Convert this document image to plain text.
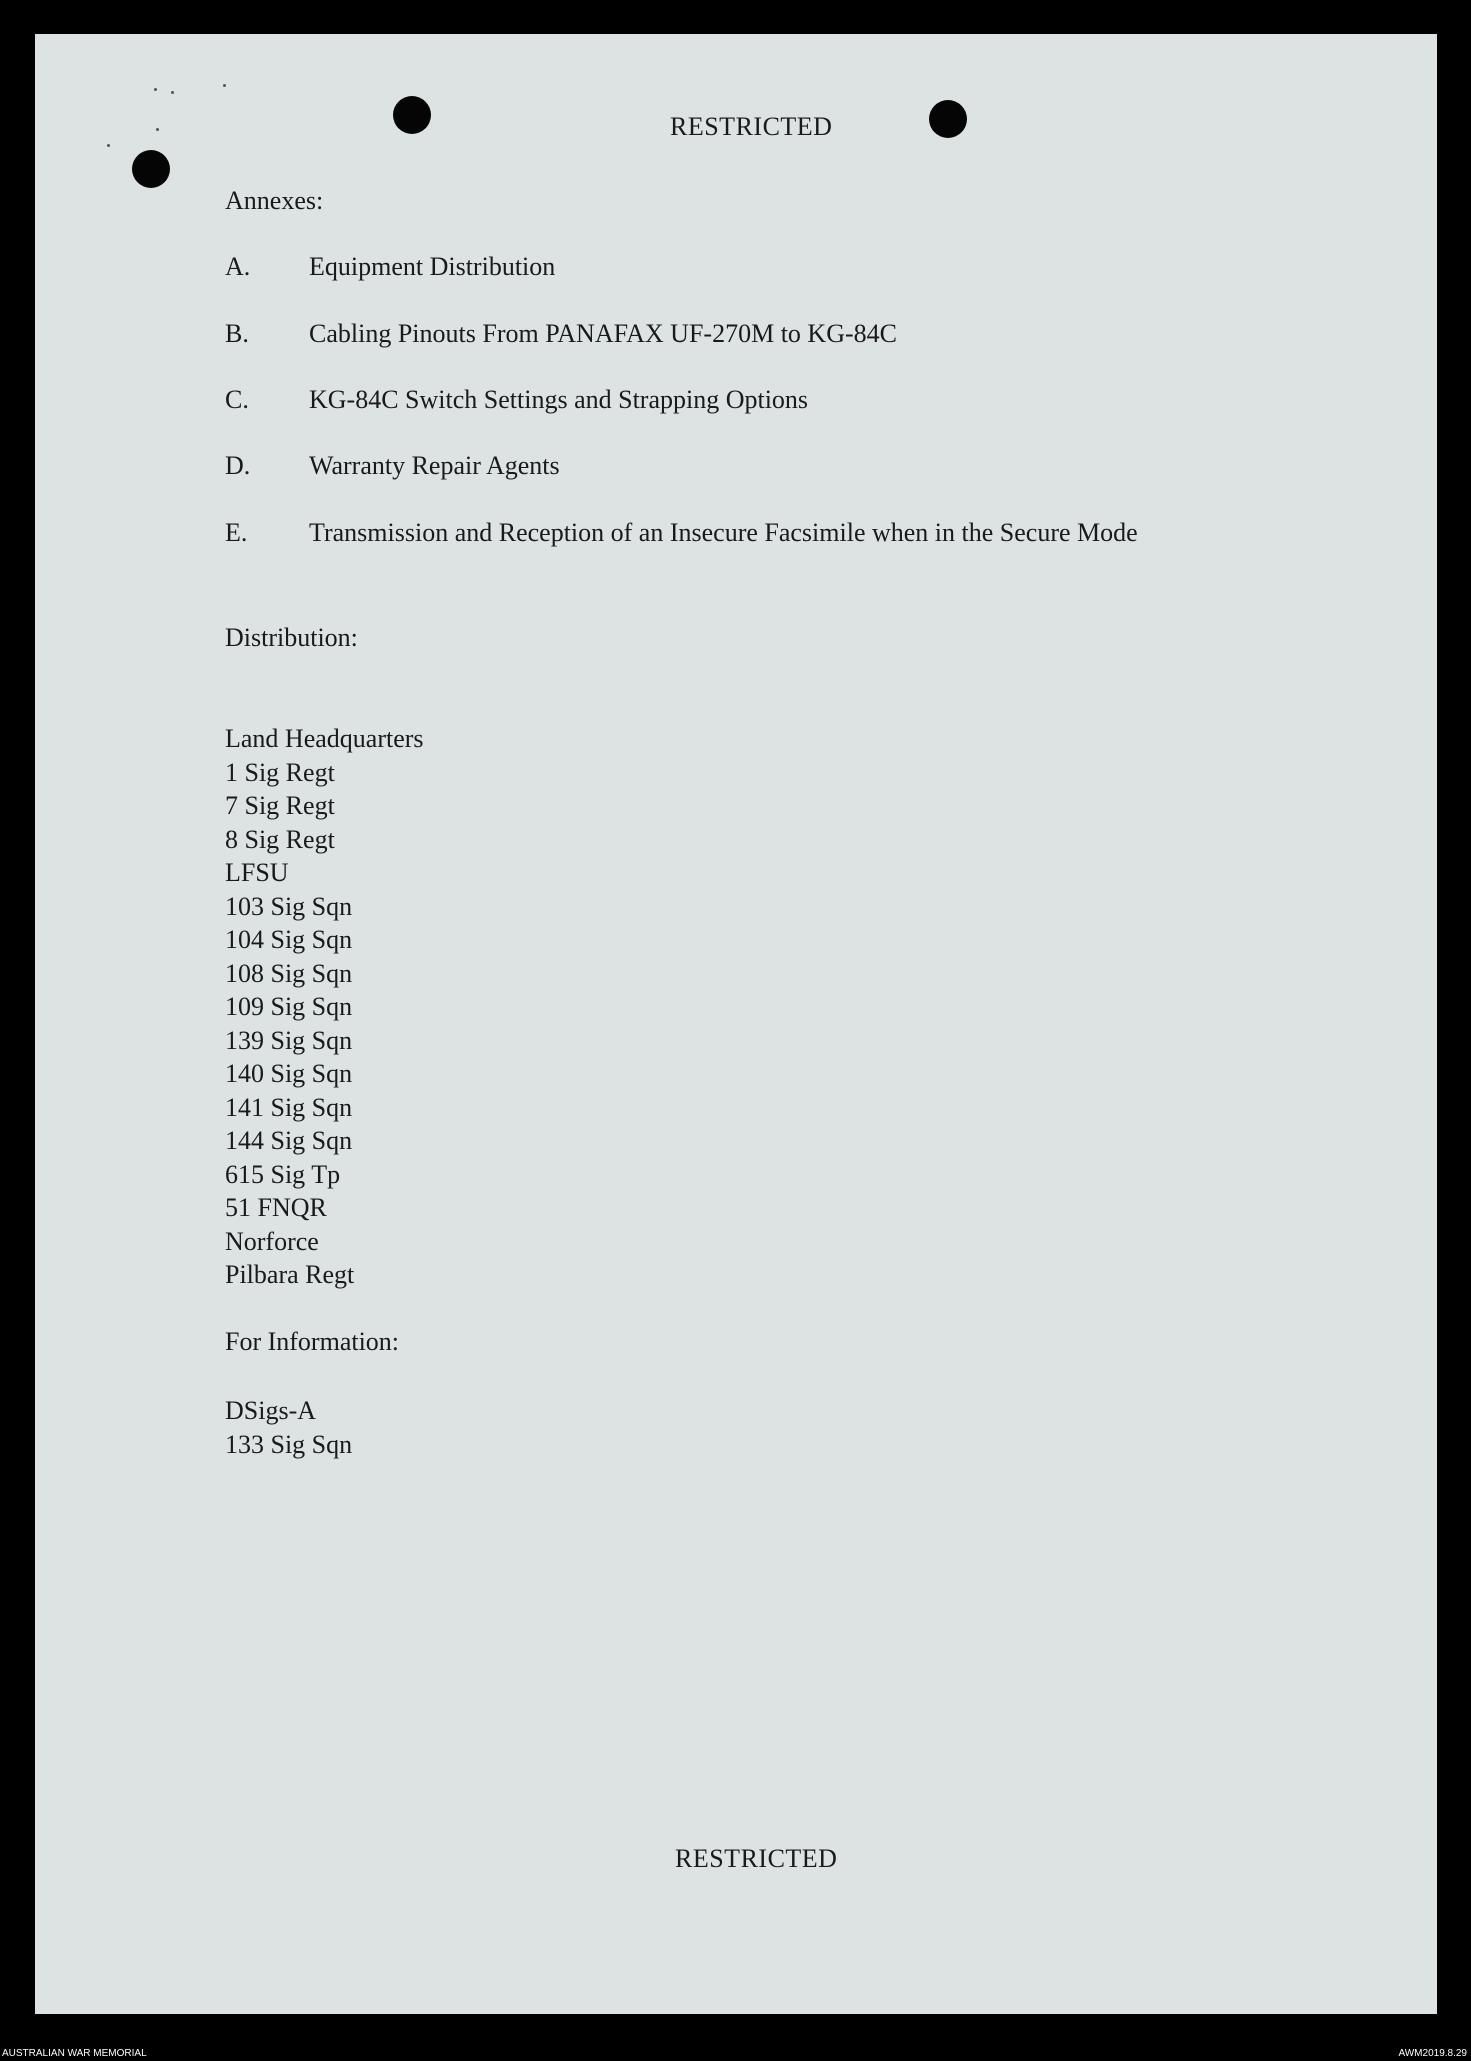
RESTRICTED
Annexes:
A. Equipment Distribution
B. Cabling Pinouts From PANAFAX UF-270M to KG-84C
C. KG-84C Switch Settings and Strapping Options
D. Warranty Repair Agents
E. Transmission and Reception of an Insecure Facsimile when in the Secure Mode
Distribution:
Land Headquarters
1 Sig Regt
7 Sig Regt
8 Sig Regt
LFSU
103 Sig Sqn
104 Sig Sqn
108 Sig Sqn
109 Sig Sqn
139 Sig Sqn
140 Sig Sqn
141 Sig Sqn
144 Sig Sqn
615 Sig Tp
51 FNQR
Norforce
Pilbara Regt
For Information:
DSigs-A
133 Sig Sqn
RESTRICTED
AUSTRALIAN WAR MEMORIAL	AWM2019.8.29
